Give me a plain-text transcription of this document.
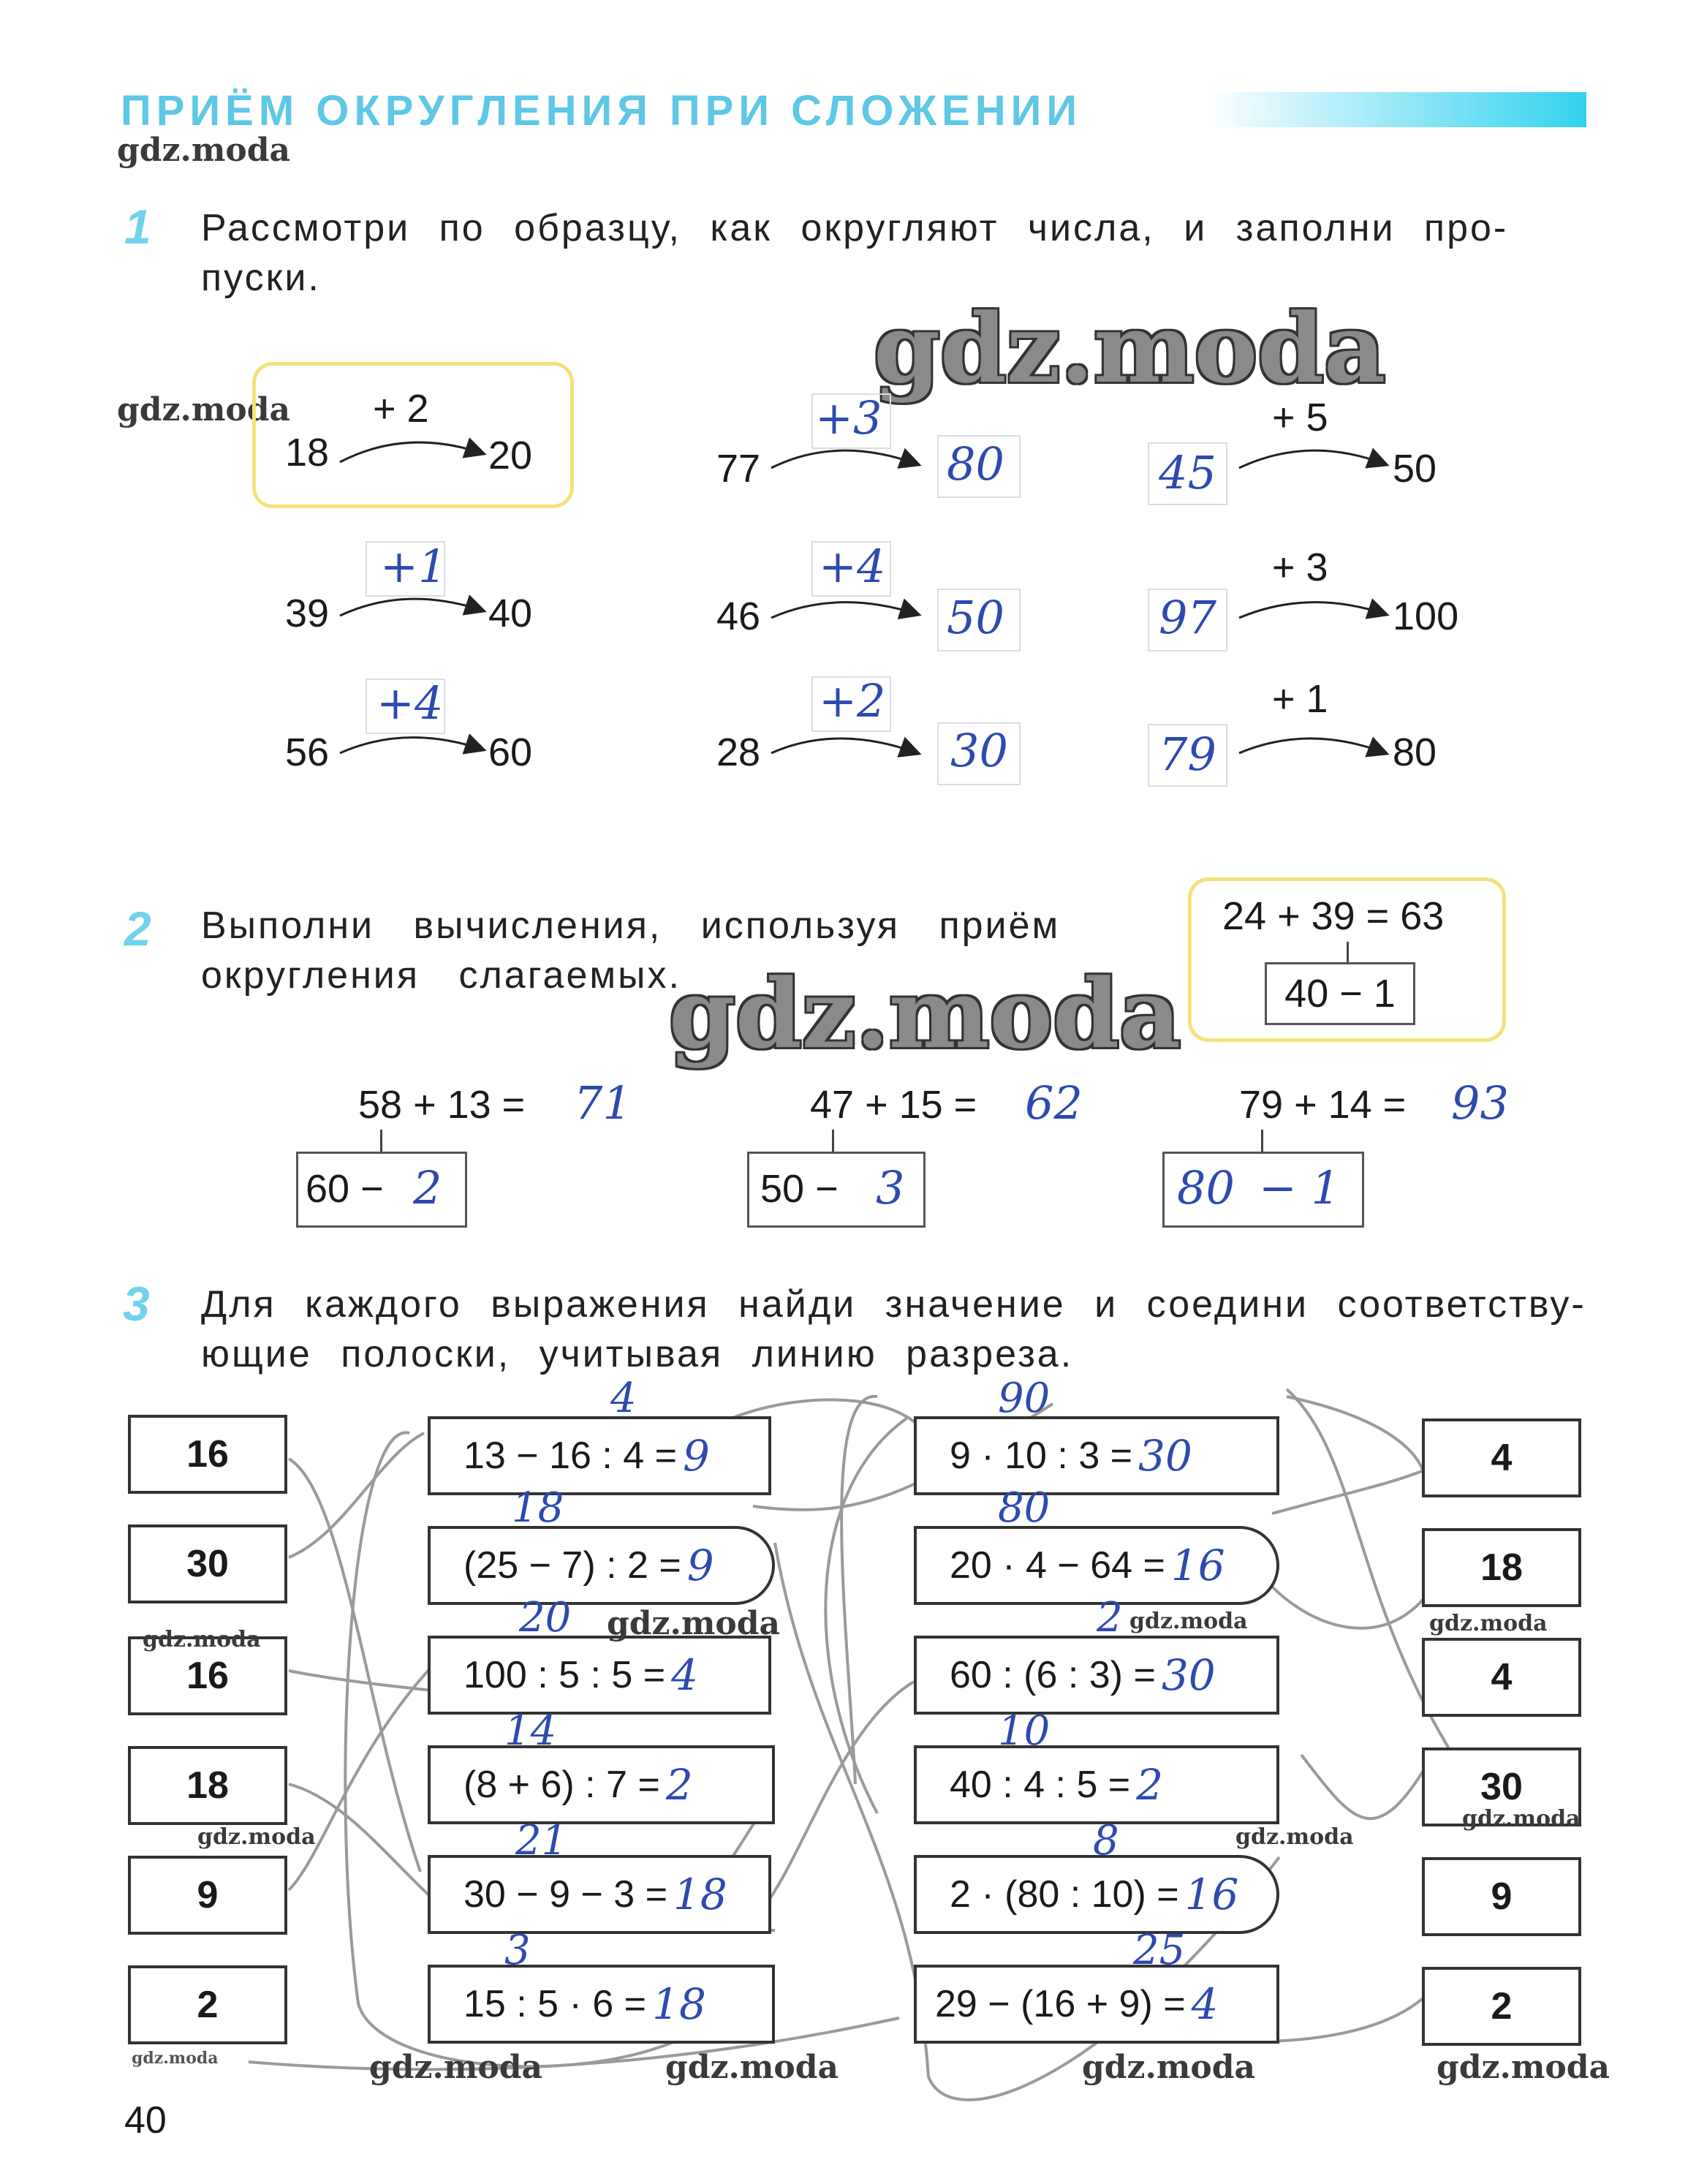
ПРИЁМ ОКРУГЛЕНИЯ ПРИ СЛОЖЕНИИ
gdz.moda
gdz.moda
gdz.moda
gdz.moda
1 Рассмотри по образцу, как округляют числа, и заполни про-
пуски.
+ 2
18	20
+1
39	40
+4
56	60
+3
77	80
+4
46	50
+2
28	30
+ 5
45	50
+ 3
97	100
+ 1
79	80
2 Выполни вычисления, используя приём
округления слагаемых.
24 + 39 = 63
40 − 1
58 + 13 = 71
60 − 2
47 + 15 = 62
50 − 3
79 + 14 = 93
80 − 1
3 Для каждого выражения найди значение и соедини соответству-
ющие полоски, учитывая линию разреза.
16
30
16
18
9
2
4
18
4
30
9
2
13 − 16 : 4 = 9
(25 − 7) : 2 = 9
100 : 5 : 5 = 4
(8 + 6) : 7 = 2
30 − 9 − 3 = 18
15 : 5 · 6 = 18
9 · 10 : 3 = 30
20 · 4 − 64 = 16
60 : (6 : 3) = 30
40 : 4 : 5 = 2
2 · (80 : 10) = 16
29 − (16 + 9) = 4
4
18
20
14
21
3
90
80
2
10
8
25
gdz.moda
gdz.moda
gdz.moda	gdz.moda
gdz.moda	gdz.moda
gdz.moda
gdz.moda	gdz.moda	gdz.moda	gdz.moda
gdz.moda
40
